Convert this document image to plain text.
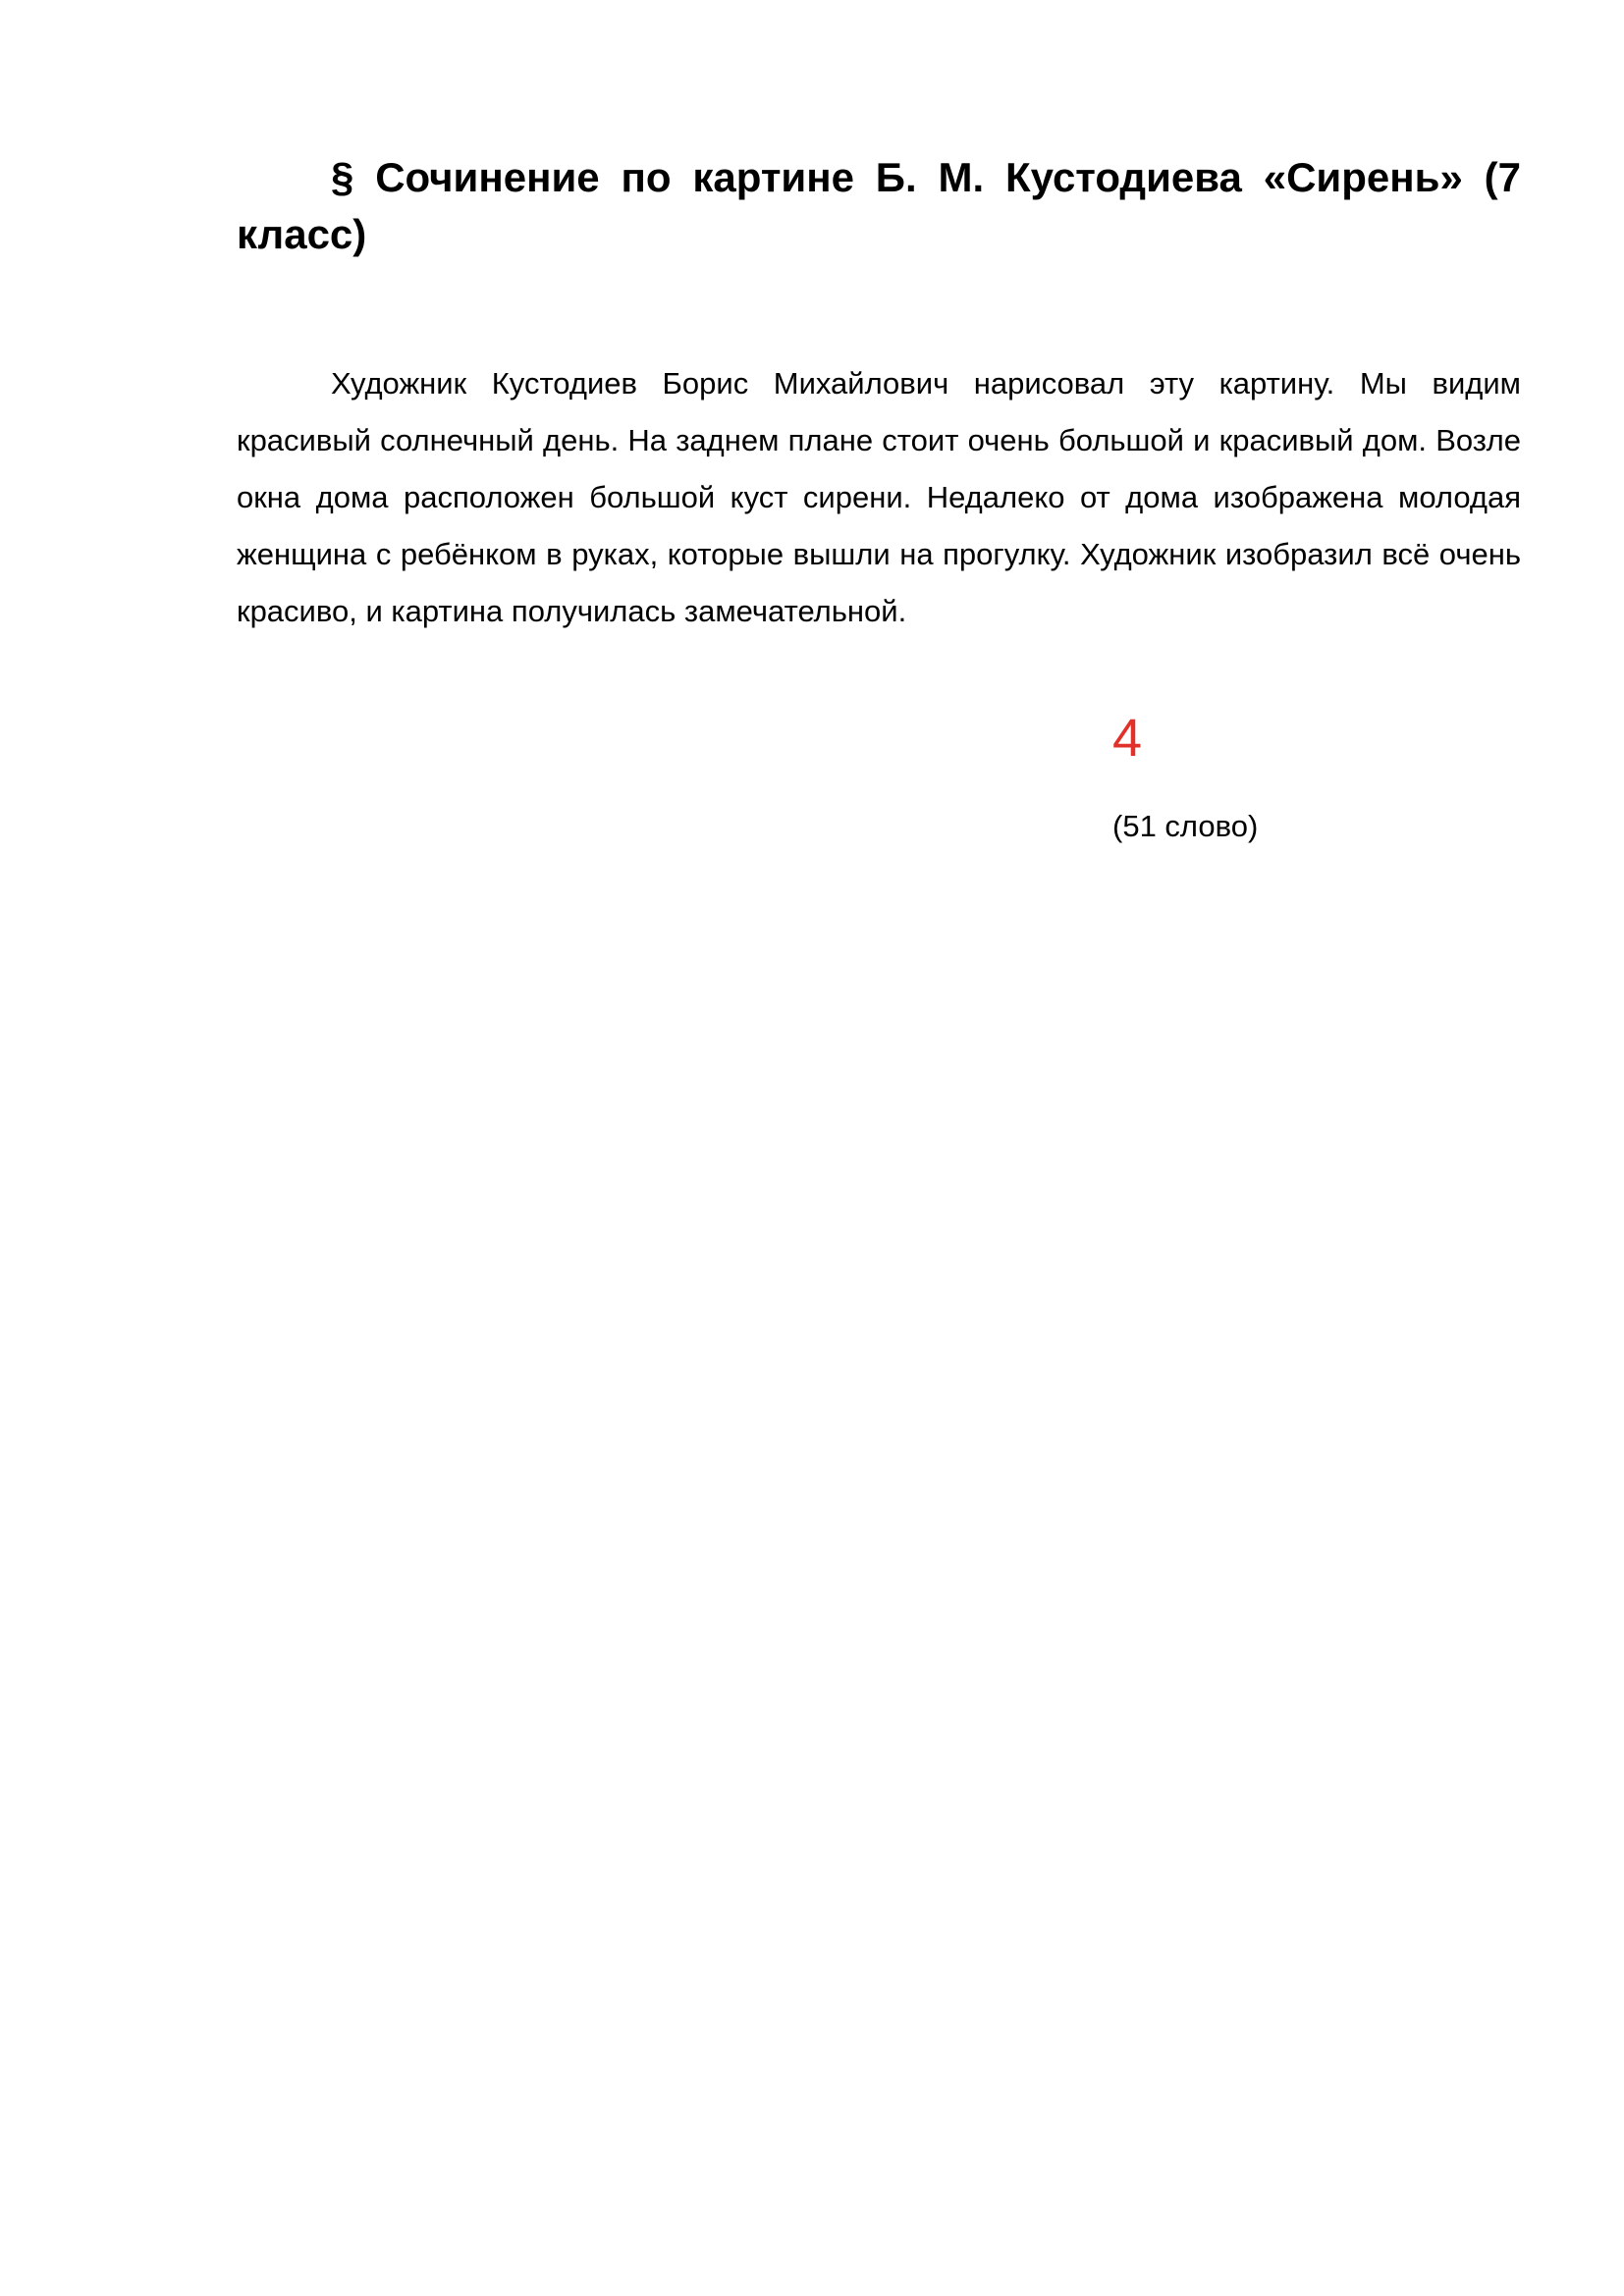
§ Сочинение по картине Б. М. Кустодиева «Сирень» (7 класс)

Художник Кустодиев Борис Михайлович нарисовал эту картину. Мы видим красивый солнечный день. На заднем плане стоит очень большой и красивый дом. Возле окна дома расположен большой куст сирени. Недалеко от дома изображена молодая женщина с ребёнком в руках, которые вышли на прогулку. Художник изобразил всё очень красиво, и картина получилась замечательной.

4
(51 слово)
